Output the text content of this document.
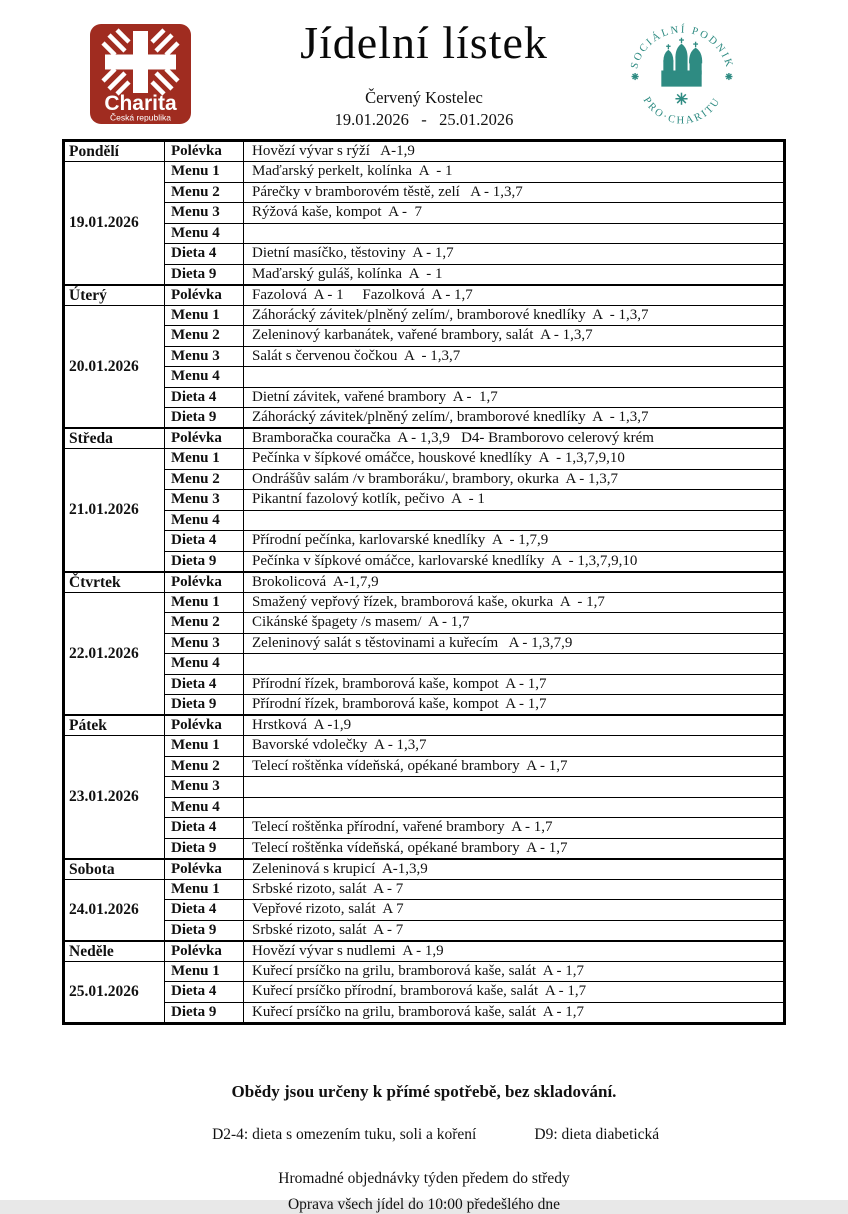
Charita
Česká republika
Jídelní lístek
Červený Kostelec
19.01.2026   -   25.01.2026
SOCIÁLNÍ PODNIK
PRO·CHARITU
Pondělí	Polévka	Hovězí vývar s rýží   A-1,9
19.01.2026	Menu 1	Maďarský perkelt, kolínka  A  - 1
	Menu 2	Párečky v bramborovém těstě, zelí   A - 1,3,7
	Menu 3	Rýžová kaše, kompot  A -  7
	Menu 4	
	Dieta 4	Dietní masíčko, těstoviny  A - 1,7
	Dieta 9	Maďarský guláš, kolínka  A  - 1
Úterý	Polévka	Fazolová  A - 1     Fazolková  A - 1,7
20.01.2026	Menu 1	Záhorácký závitek/plněný zelím/, bramborové knedlíky  A  - 1,3,7
	Menu 2	Zeleninový karbanátek, vařené brambory, salát  A - 1,3,7
	Menu 3	Salát s červenou čočkou  A  - 1,3,7
	Menu 4	
	Dieta 4	Dietní závitek, vařené brambory  A -  1,7
	Dieta 9	Záhorácký závitek/plněný zelím/, bramborové knedlíky  A  - 1,3,7
Středa	Polévka	Bramboračka couračka  A - 1,3,9   D4- Bramborovo celerový krém
21.01.2026	Menu 1	Pečínka v šípkové omáčce, houskové knedlíky  A  - 1,3,7,9,10
	Menu 2	Ondrášův salám /v bramboráku/, brambory, okurka  A - 1,3,7
	Menu 3	Pikantní fazolový kotlík, pečivo  A  - 1
	Menu 4	
	Dieta 4	Přírodní pečínka, karlovarské knedlíky  A  - 1,7,9
	Dieta 9	Pečínka v šípkové omáčce, karlovarské knedlíky  A  - 1,3,7,9,10
Čtvrtek	Polévka	Brokolicová  A-1,7,9
22.01.2026	Menu 1	Smažený vepřový řízek, bramborová kaše, okurka  A  - 1,7
	Menu 2	Cikánské špagety /s masem/  A - 1,7
	Menu 3	Zeleninový salát s těstovinami a kuřecím   A - 1,3,7,9
	Menu 4	
	Dieta 4	Přírodní řízek, bramborová kaše, kompot  A - 1,7
	Dieta 9	Přírodní řízek, bramborová kaše, kompot  A - 1,7
Pátek	Polévka	Hrstková  A -1,9
23.01.2026	Menu 1	Bavorské vdolečky  A - 1,3,7
	Menu 2	Telecí roštěnka vídeňská, opékané brambory  A - 1,7
	Menu 3	
	Menu 4	
	Dieta 4	Telecí roštěnka přírodní, vařené brambory  A - 1,7
	Dieta 9	Telecí roštěnka vídeňská, opékané brambory  A - 1,7
Sobota	Polévka	Zeleninová s krupicí  A-1,3,9
24.01.2026	Menu 1	Srbské rizoto, salát  A - 7
	Dieta 4	Vepřové rizoto, salát  A 7
	Dieta 9	Srbské rizoto, salát  A - 7
Neděle	Polévka	Hovězí vývar s nudlemi  A - 1,9
25.01.2026	Menu 1	Kuřecí prsíčko na grilu, bramborová kaše, salát  A - 1,7
	Dieta 4	Kuřecí prsíčko přírodní, bramborová kaše, salát  A - 1,7
	Dieta 9	Kuřecí prsíčko na grilu, bramborová kaše, salát  A - 1,7
Obědy jsou určeny k přímé spotřebě, bez skladování.

D2-4: dieta s omezením tuku, soli a koření	D9: dieta diabetická

Hromadné objednávky týden předem do středy
Oprava všech jídel do 10:00 předešlého dne
